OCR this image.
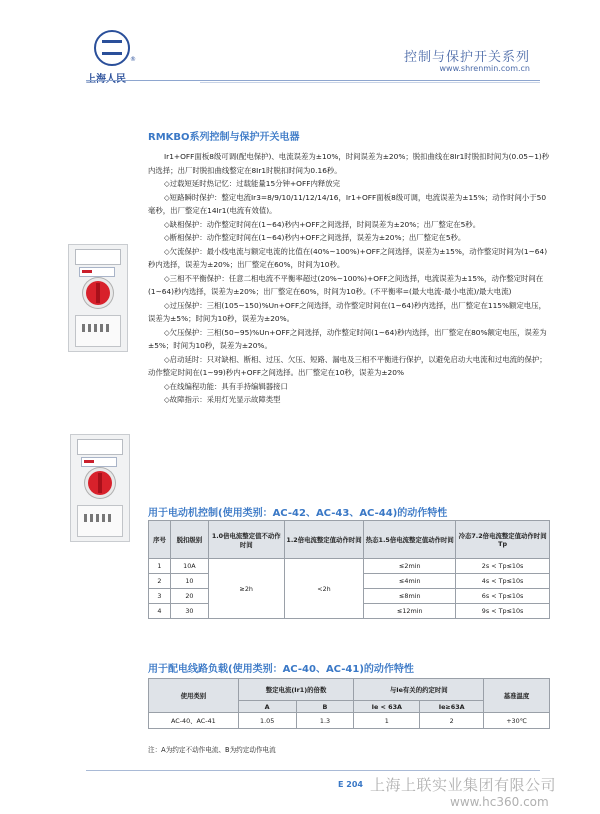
®	控制与保护开关系列
www.shrenmin.com.cn
RMKBO系列控制与保护开关电器

Ir1+OFF面板8级可调(配电保护)、电流误差为±10%，时间误差为±20%；脱扣曲线在8Ir1时脱扣时间为(0.05~1)秒内选择；出厂时脱扣曲线整定在8Ir1时脱扣时间为0.16秒。

◇过载短延时热记忆：过载能量15分钟+OFF内释放完

◇短路瞬时保护：整定电流Ir3=8/9/10/11/12/14/16，Ir1+OFF面板8级可调，电流误差为±15%；动作时间小于50毫秒，出厂整定在14Ir1(电流有效值)。

◇缺相保护：动作整定时间在(1~64)秒内+OFF之间选择，时间误差为±20%；出厂整定在5秒。

◇断相保护：动作整定时间在(1~64)秒内+OFF之间选择，误差为±20%；出厂整定在5秒。

◇欠流保护：最小线电流与额定电流的比值在(40%~100%)+OFF之间选择，误差为±15%，动作整定时间为(1~64)秒内选择，误差为±20%；出厂整定在60%，时间为10秒。

◇三相不平衡保护：任意二相电流不平衡率超过(20%~100%)+OFF之间选择，电流误差为±15%，动作整定时间在(1~64)秒内选择，误差为±20%；出厂整定在60%，时间为10秒。(不平衡率=(最大电流-最小电流)/最大电流)

◇过压保护：三相(105~150)%Un+OFF之间选择，动作整定时间在(1~64)秒内选择，出厂整定在115%额定电压，误差为±5%；时间为10秒，误差为±20%。

◇欠压保护：三相(50~95)%Un+OFF之间选择，动作整定时间(1~64)秒内选择，出厂整定在80%额定电压，误差为±5%；时间为10秒，误差为±20%。

◇启动延时：只对缺相、断相、过压、欠压、短路、漏电及三相不平衡进行保护，以避免启动大电流和过电流的保护；动作整定时间在(1~99)秒内+OFF之间选择。出厂整定在10秒，误差为±20%

◇在线编程功能：具有手持编辑器接口

◇故障指示：采用灯光显示故障类型

用于电动机控制(使用类别：AC-42、AC-43、AC-44)的动作特性
序号	脱扣级别	1.0倍电流整定值不动作时间	1.2倍电流整定值动作时间	热态1.5倍电流整定值动作时间	冷态7.2倍电流整定值动作时间Tp
1	10A	≥2h	<2h	≤2min	2s < Tp≤10s
2	10			≤4min	4s < Tp≤10s
3	20			≤8min	6s < Tp≤10s
4	30			≤12min	9s < Tp≤10s
用于配电线路负载(使用类别：AC-40、AC-41)的动作特性
使用类别	整定电流(Ir1)的倍数		与Ie有关的约定时间		基准温度
	A	B	Ie < 63A	Ie≥63A	
AC-40、AC-41	1.05	1.3	1	2	+30℃
注：A为约定不动作电流、B为约定动作电流
E 204 上海上联实业集团有限公司
www.hc360.com
